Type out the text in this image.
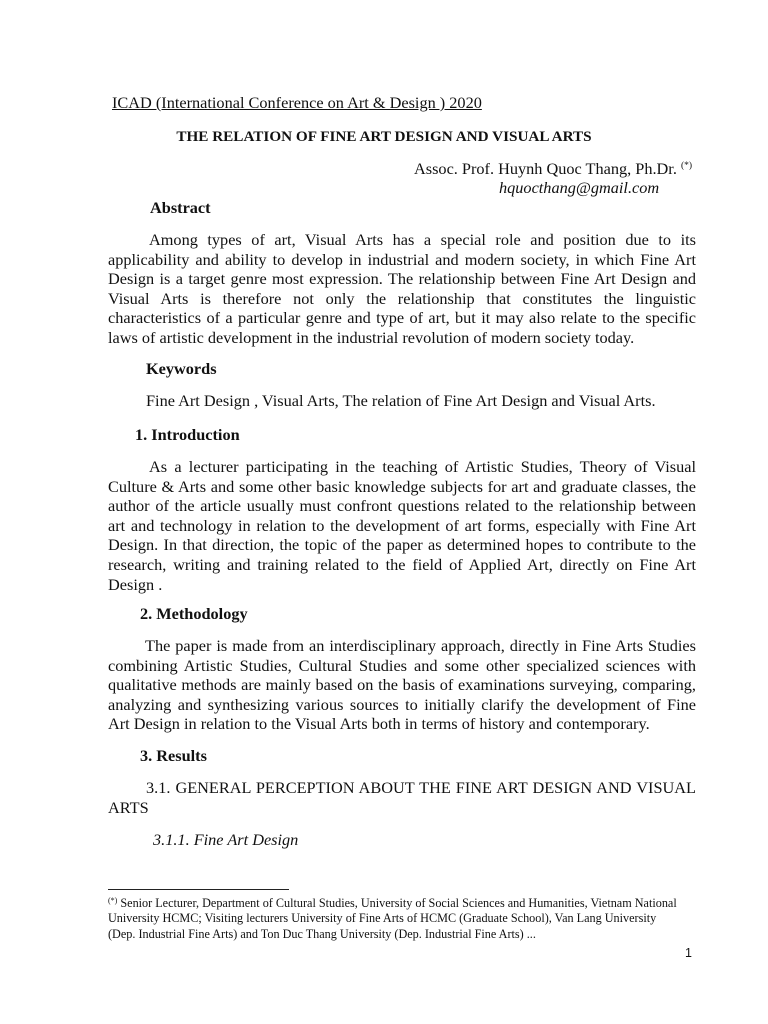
ICAD (International Conference on Art & Design ) 2020
THE RELATION OF FINE ART DESIGN AND VISUAL ARTS
Assoc. Prof. Huynh Quoc Thang, Ph.Dr. (*)
hquocthang@gmail.com
Abstract
Among types of art, Visual Arts has a special role and position due to its
applicability and ability to develop in industrial and modern society, in which Fine Art
Design is a target genre most expression. The relationship between Fine Art Design and
Visual Arts is therefore not only the relationship that constitutes the linguistic
characteristics of a particular genre and type of art, but it may also relate to the specific
laws of artistic development in the industrial revolution of modern society today.
Keywords
Fine Art Design , Visual Arts, The relation of Fine Art Design and Visual Arts.
1. Introduction
As a lecturer participating in the teaching of Artistic Studies, Theory of Visual
Culture & Arts and some other basic knowledge subjects for art and graduate classes, the
author of the article usually must confront questions related to the relationship between
art and technology in relation to the development of art forms, especially with Fine Art
Design. In that direction, the topic of the paper as determined hopes to contribute to the
research, writing and training related to the field of Applied Art, directly on Fine Art
Design .
2. Methodology
The paper is made from an interdisciplinary approach, directly in Fine Arts Studies
combining Artistic Studies, Cultural Studies and some other specialized sciences with
qualitative methods are mainly based on the basis of examinations surveying, comparing,
analyzing and synthesizing various sources to initially clarify the development of Fine
Art Design in relation to the Visual Arts both in terms of history and contemporary.
3. Results
3.1. GENERAL PERCEPTION ABOUT THE FINE ART DESIGN AND VISUAL
ARTS
3.1.1. Fine Art Design
(*) Senior Lecturer, Department of Cultural Studies, University of Social Sciences and Humanities, Vietnam National
University HCMC; Visiting lecturers University of Fine Arts of HCMC (Graduate School), Van Lang University
(Dep. Industrial Fine Arts) and Ton Duc Thang University (Dep. Industrial Fine Arts) ...
1
